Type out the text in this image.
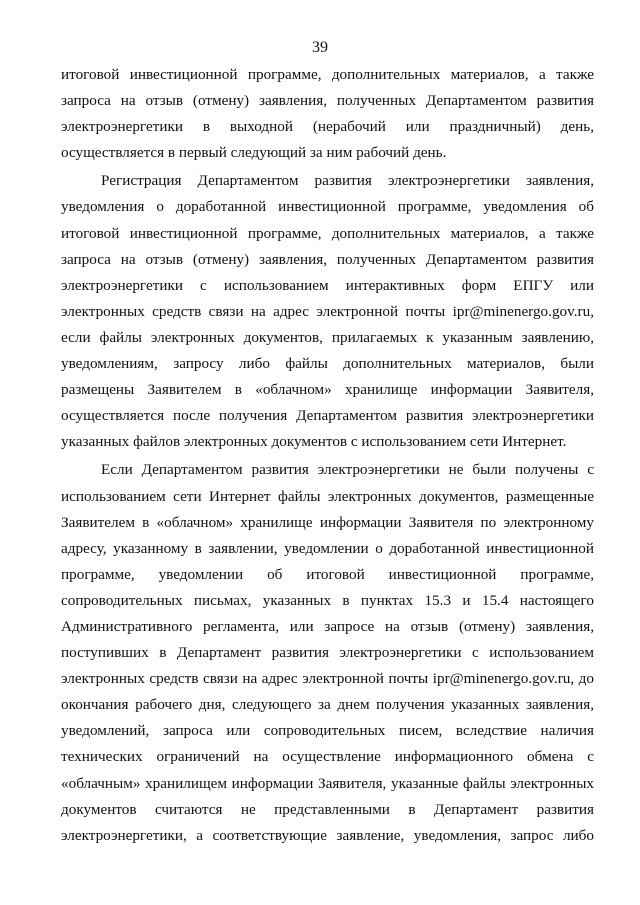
39
итоговой инвестиционной программе, дополнительных материалов, а также
запроса на отзыв (отмену) заявления, полученных Департаментом развития
электроэнергетики в выходной (нерабочий или праздничный) день,
осуществляется в первый следующий за ним рабочий день.
Регистрация Департаментом развития электроэнергетики заявления,
уведомления о доработанной инвестиционной программе, уведомления об
итоговой инвестиционной программе, дополнительных материалов, а также
запроса на отзыв (отмену) заявления, полученных Департаментом развития
электроэнергетики с использованием интерактивных форм ЕПГУ или
электронных средств связи на адрес электронной почты ipr@minenergo.gov.ru,
если файлы электронных документов, прилагаемых к указанным заявлению,
уведомлениям, запросу либо файлы дополнительных материалов, были
размещены Заявителем в «облачном» хранилище информации Заявителя,
осуществляется после получения Департаментом развития электроэнергетики
указанных файлов электронных документов с использованием сети Интернет.
Если Департаментом развития электроэнергетики не были получены с
использованием сети Интернет файлы электронных документов, размещенные
Заявителем в «облачном» хранилище информации Заявителя по электронному
адресу, указанному в заявлении, уведомлении о доработанной инвестиционной
программе, уведомлении об итоговой инвестиционной программе,
сопроводительных письмах, указанных в пунктах 15.3 и 15.4 настоящего
Административного регламента, или запросе на отзыв (отмену) заявления,
поступивших в Департамент развития электроэнергетики с использованием
электронных средств связи на адрес электронной почты ipr@minenergo.gov.ru, до
окончания рабочего дня, следующего за днем получения указанных заявления,
уведомлений, запроса или сопроводительных писем, вследствие наличия
технических ограничений на осуществление информационного обмена с
«облачным» хранилищем информации Заявителя, указанные файлы электронных
документов считаются не представленными в Департамент развития
электроэнергетики, а соответствующие заявление, уведомления, запрос либо
